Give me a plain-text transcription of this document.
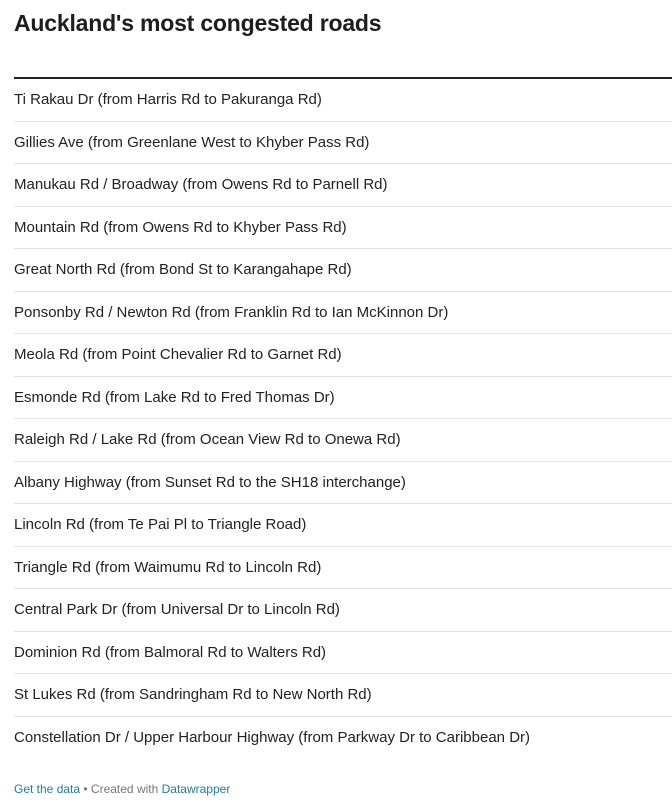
Auckland's most congested roads
Ti Rakau Dr (from Harris Rd to Pakuranga Rd)
Gillies Ave (from Greenlane West to Khyber Pass Rd)
Manukau Rd / Broadway (from Owens Rd to Parnell Rd)
Mountain Rd (from Owens Rd to Khyber Pass Rd)
Great North Rd (from Bond St to Karangahape Rd)
Ponsonby Rd / Newton Rd (from Franklin Rd to Ian McKinnon Dr)
Meola Rd (from Point Chevalier Rd to Garnet Rd)
Esmonde Rd (from Lake Rd to Fred Thomas Dr)
Raleigh Rd / Lake Rd (from Ocean View Rd to Onewa Rd)
Albany Highway (from Sunset Rd to the SH18 interchange)
Lincoln Rd (from Te Pai Pl to Triangle Road)
Triangle Rd (from Waimumu Rd to Lincoln Rd)
Central Park Dr (from Universal Dr to Lincoln Rd)
Dominion Rd (from Balmoral Rd to Walters Rd)
St Lukes Rd (from Sandringham Rd to New North Rd)
Constellation Dr / Upper Harbour Highway (from Parkway Dr to Caribbean Dr)
Get the data • Created with Datawrapper
